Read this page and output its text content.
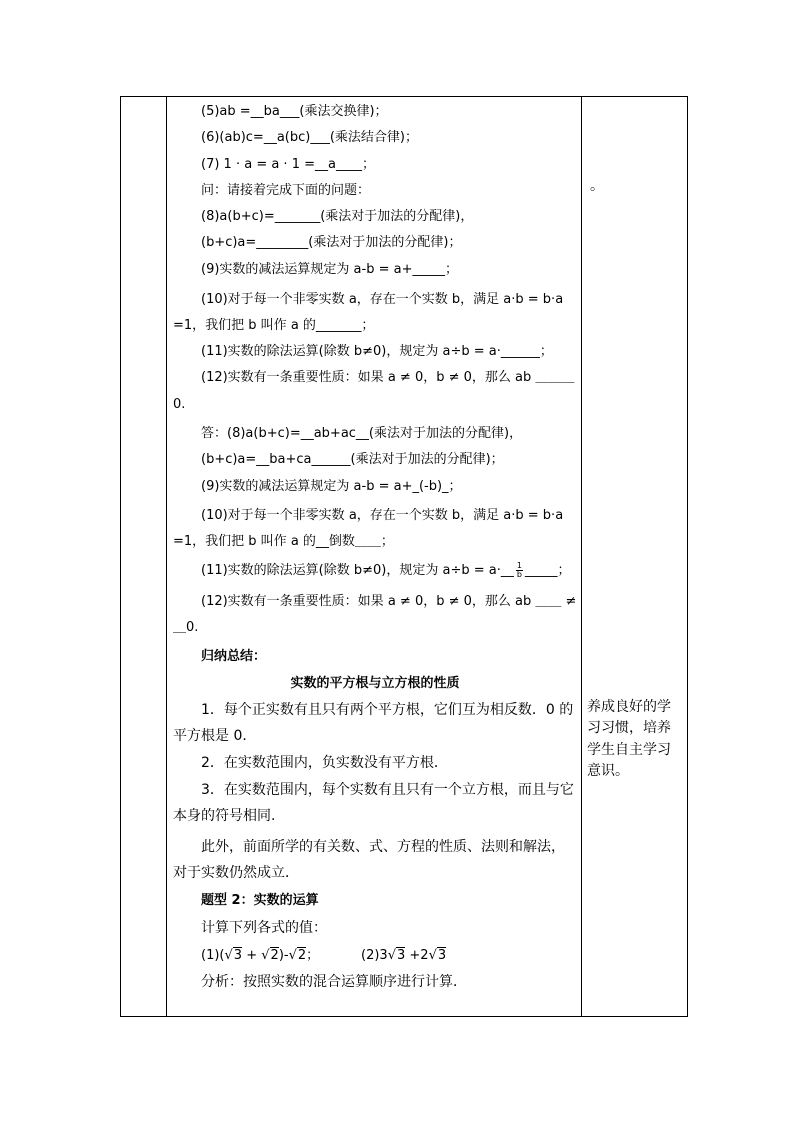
(5)ab =__ba___(乘法交换律)；
(6)(ab)c=__a(bc)___(乘法结合律)；
(7) 1 · a = a · 1 =__a____；
问：请接着完成下面的问题：
(8)a(b+c)=_______(乘法对于加法的分配律)，
(b+c)a=________(乘法对于加法的分配律)；
(9)实数的减法运算规定为 a-b = a+_____；
(10)对于每一个非零实数 a，存在一个实数 b，满足 a·b = b·a
=1，我们把 b 叫作 a 的_______；
(11)实数的除法运算(除数 b≠0)，规定为 a÷b = a·______；
(12)实数有一条重要性质：如果 a ≠ 0，b ≠ 0，那么 ab ＿＿＿
0.
答：(8)a(b+c)=__ab+ac__(乘法对于加法的分配律)，
(b+c)a=__ba+ca______(乘法对于加法的分配律)；
(9)实数的减法运算规定为 a-b = a+_(-b)_；
(10)对于每一个非零实数 a，存在一个实数 b，满足 a·b = b·a
=1，我们把 b 叫作 a 的__倒数＿＿；
(11)实数的除法运算(除数 b≠0)，规定为 a÷b = a·__ $\frac{1}{b}$ _____；
(12)实数有一条重要性质：如果 a ≠ 0，b ≠ 0，那么 ab ＿＿ ≠
＿0.
归纳总结：
实数的平方根与立方根的性质
1．每个正实数有且只有两个平方根，它们互为相反数．0 的
平方根是 0.
2．在实数范围内，负实数没有平方根．
3．在实数范围内，每个实数有且只有一个立方根，而且与它
本身的符号相同.
此外，前面所学的有关数、式、方程的性质、法则和解法，
对于实数仍然成立．
题型 2：实数的运算
计算下列各式的值：
(1)(√3 + √2)-√2；	(2)3√3 +2√3
分析：按照实数的混合运算顺序进行计算．
。
养成良好的学
习习惯，培养
学生自主学习
意识。
